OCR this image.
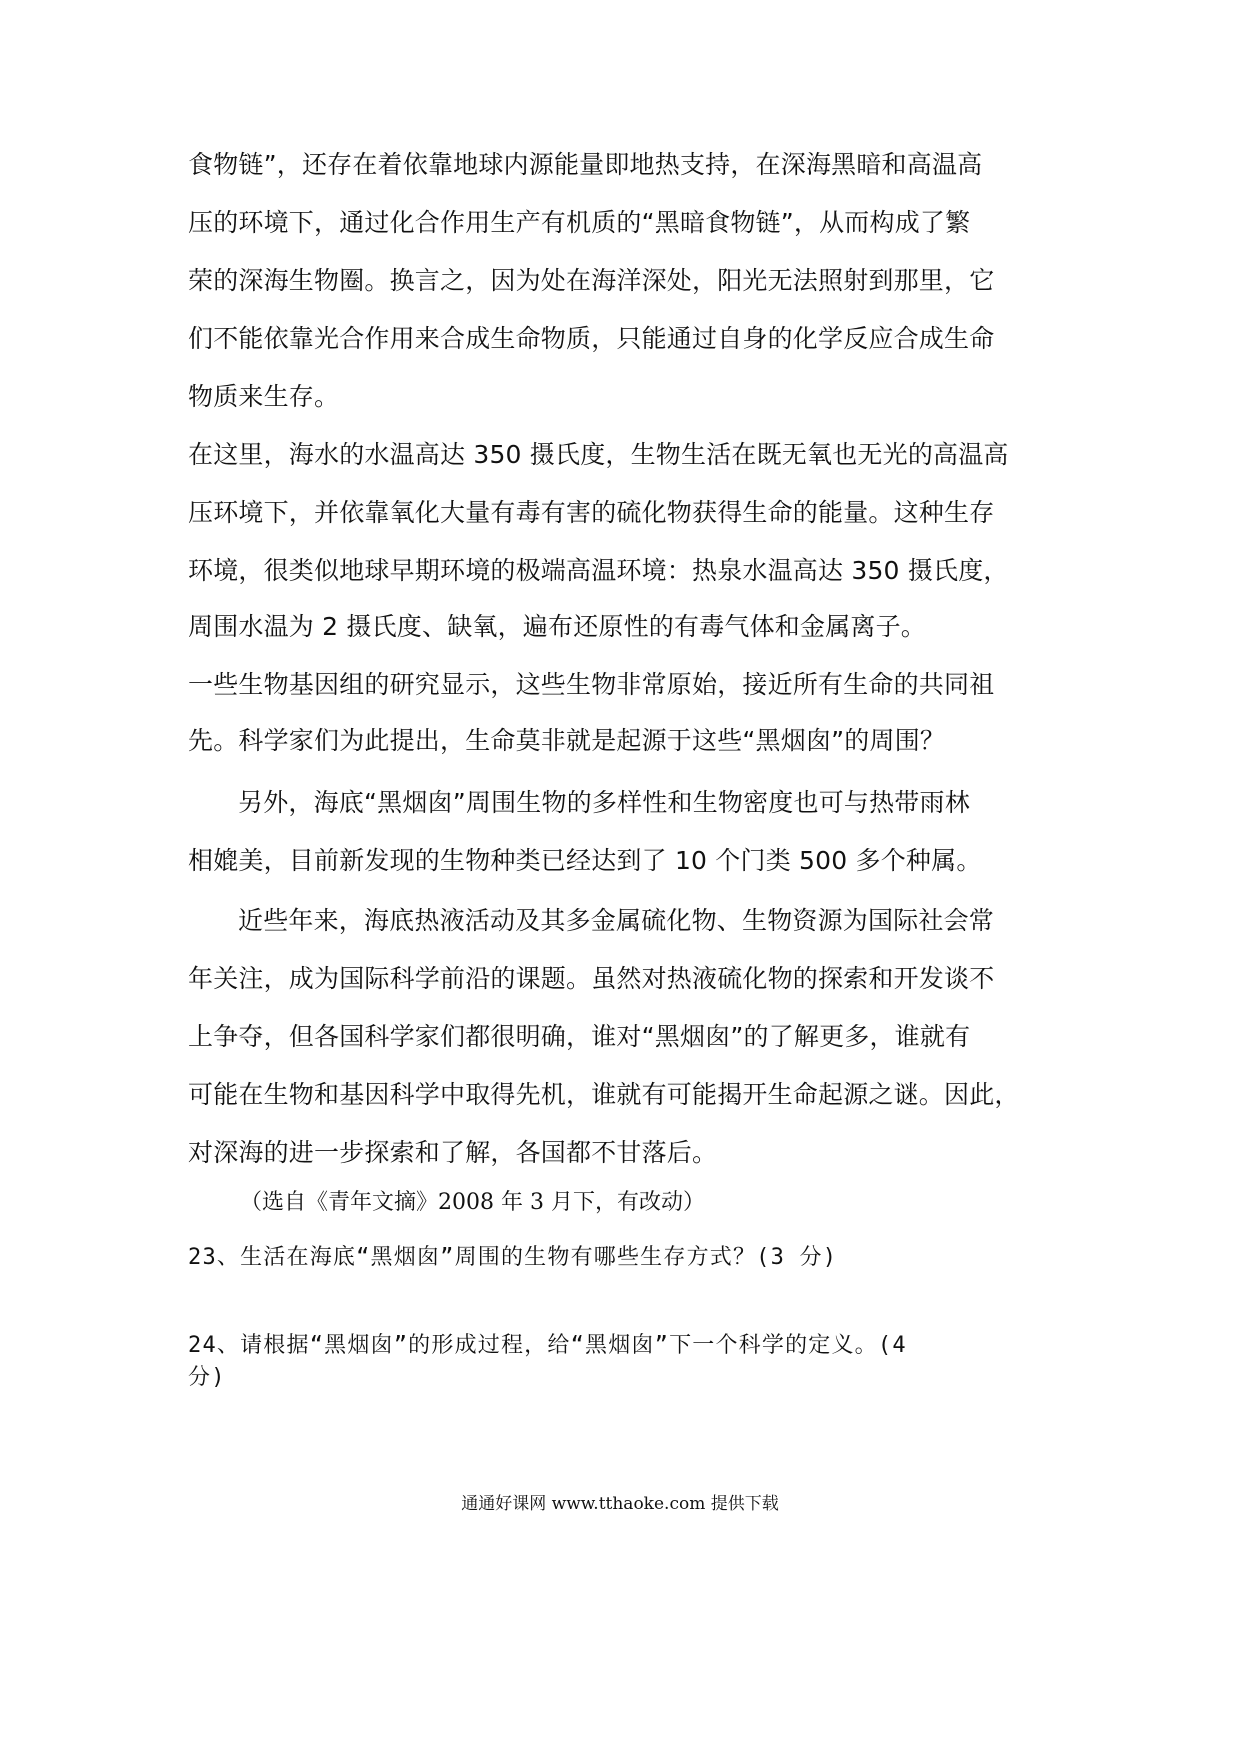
食物链”，还存在着依靠地球内源能量即地热支持，在深海黑暗和高温高
压的环境下，通过化合作用生产有机质的“黑暗食物链”，从而构成了繁
荣的深海生物圈。换言之，因为处在海洋深处，阳光无法照射到那里，它
们不能依靠光合作用来合成生命物质，只能通过自身的化学反应合成生命
物质来生存。
在这里，海水的水温高达 350 摄氏度，生物生活在既无氧也无光的高温高
压环境下，并依靠氧化大量有毒有害的硫化物获得生命的能量。这种生存
环境，很类似地球早期环境的极端高温环境：热泉水温高达 350 摄氏度，
周围水温为 2 摄氏度、缺氧，遍布还原性的有毒气体和金属离子。
一些生物基因组的研究显示，这些生物非常原始，接近所有生命的共同祖
先。科学家们为此提出，生命莫非就是起源于这些“黑烟囱”的周围？
另外，海底“黑烟囱”周围生物的多样性和生物密度也可与热带雨林
相媲美，目前新发现的生物种类已经达到了 10 个门类 500 多个种属。
近些年来，海底热液活动及其多金属硫化物、生物资源为国际社会常
年关注，成为国际科学前沿的课题。虽然对热液硫化物的探索和开发谈不
上争夺，但各国科学家们都很明确，谁对“黑烟囱”的了解更多，谁就有
可能在生物和基因科学中取得先机，谁就有可能揭开生命起源之谜。因此，
对深海的进一步探索和了解，各国都不甘落后。
（选自《青年文摘》2008 年 3 月下，有改动）
23、生活在海底“黑烟囱”周围的生物有哪些生存方式？(3 分)
24、请根据“黑烟囱”的形成过程，给“黑烟囱”下一个科学的定义。(4
分)
通通好课网 www.tthaoke.com 提供下载
